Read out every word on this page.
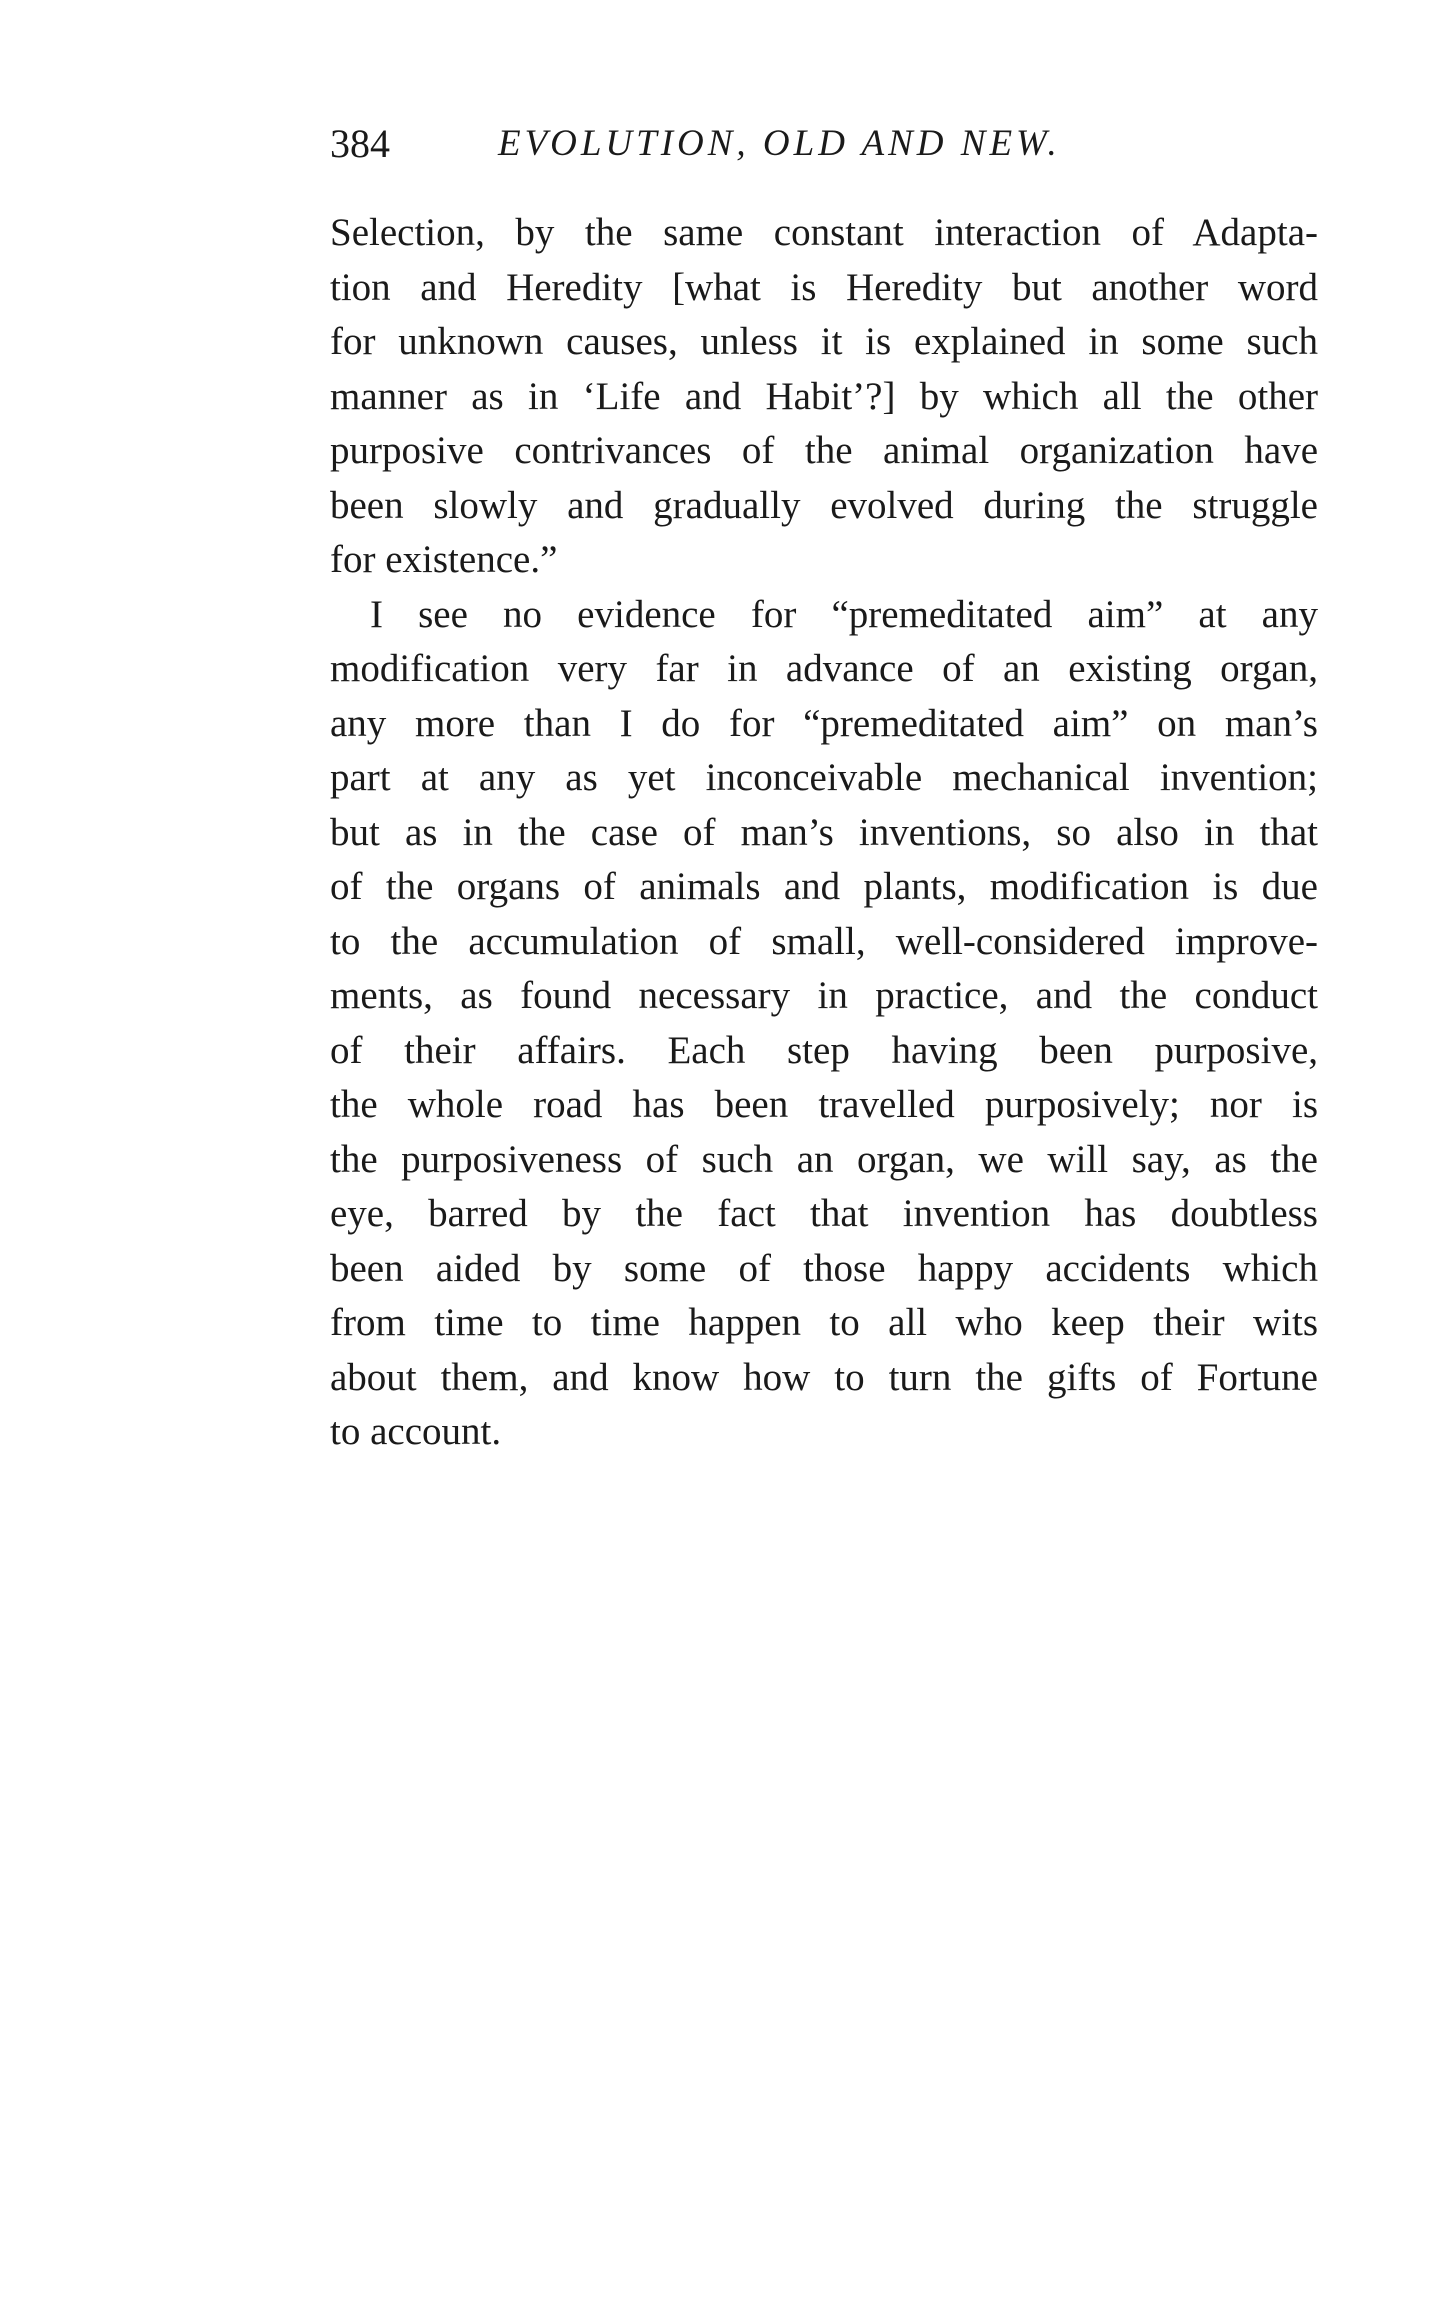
384	EVOLUTION, OLD AND NEW.
Selection, by the same constant interaction of Adapta-
tion and Heredity [what is Heredity but another word
for unknown causes, unless it is explained in some such
manner as in ‘Life and Habit’?] by which all the other
purposive contrivances of the animal organization have
been slowly and gradually evolved during the struggle
for existence.”
I see no evidence for “premeditated aim” at any
modification very far in advance of an existing organ,
any more than I do for “premeditated aim” on man’s
part at any as yet inconceivable mechanical invention;
but as in the case of man’s inventions, so also in that
of the organs of animals and plants, modification is due
to the accumulation of small, well-considered improve-
ments, as found necessary in practice, and the conduct
of their affairs. Each step having been purposive,
the whole road has been travelled purposively; nor is
the purposiveness of such an organ, we will say, as the
eye, barred by the fact that invention has doubtless
been aided by some of those happy accidents which
from time to time happen to all who keep their wits
about them, and know how to turn the gifts of Fortune
to account.
